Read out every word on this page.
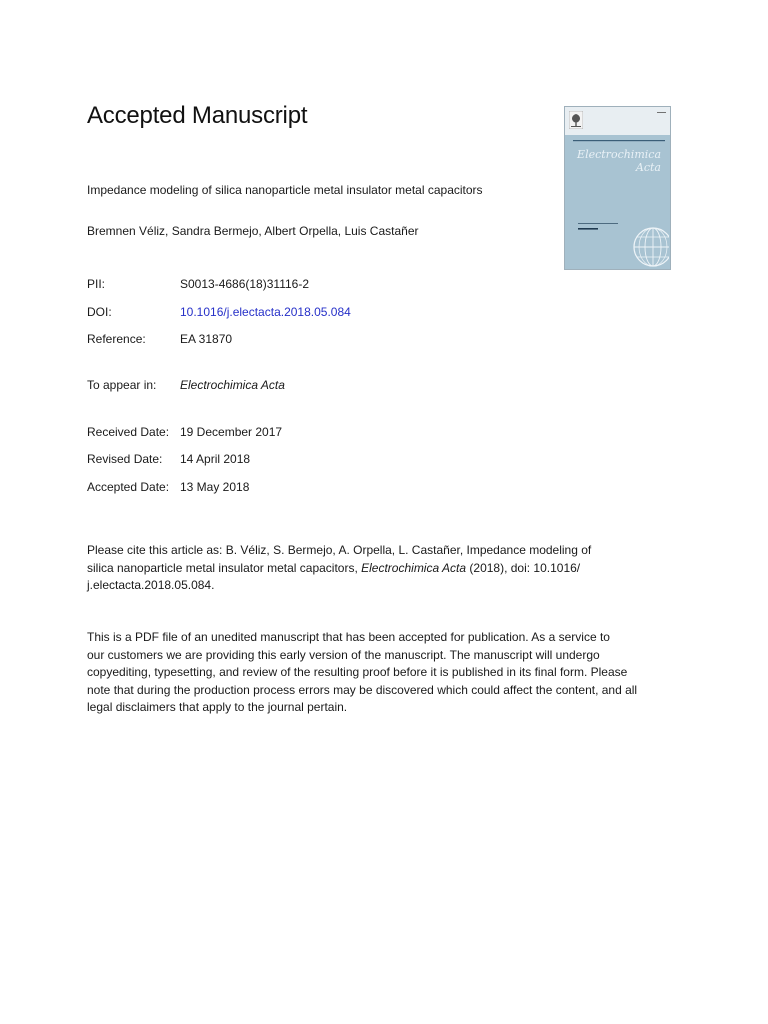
Accepted Manuscript	▬▬▬
Electrochimica
Acta
Impedance modeling of silica nanoparticle metal insulator metal capacitors
Bremnen Véliz, Sandra Bermejo, Albert Orpella, Luis Castañer
PII:	S0013-4686(18)31116-2
DOI:	10.1016/j.electacta.2018.05.084
Reference:	EA 31870
To appear in: Electrochimica Acta
Received Date: 19 December 2017
Revised Date: 14 April 2018
Accepted Date: 13 May 2018
Please cite this article as: B. Véliz, S. Bermejo, A. Orpella, L. Castañer, Impedance modeling of
silica nanoparticle metal insulator metal capacitors, Electrochimica Acta (2018), doi: 10.1016/
j.electacta.2018.05.084.
This is a PDF file of an unedited manuscript that has been accepted for publication. As a service to
our customers we are providing this early version of the manuscript. The manuscript will undergo
copyediting, typesetting, and review of the resulting proof before it is published in its final form. Please
note that during the production process errors may be discovered which could affect the content, and all
legal disclaimers that apply to the journal pertain.
